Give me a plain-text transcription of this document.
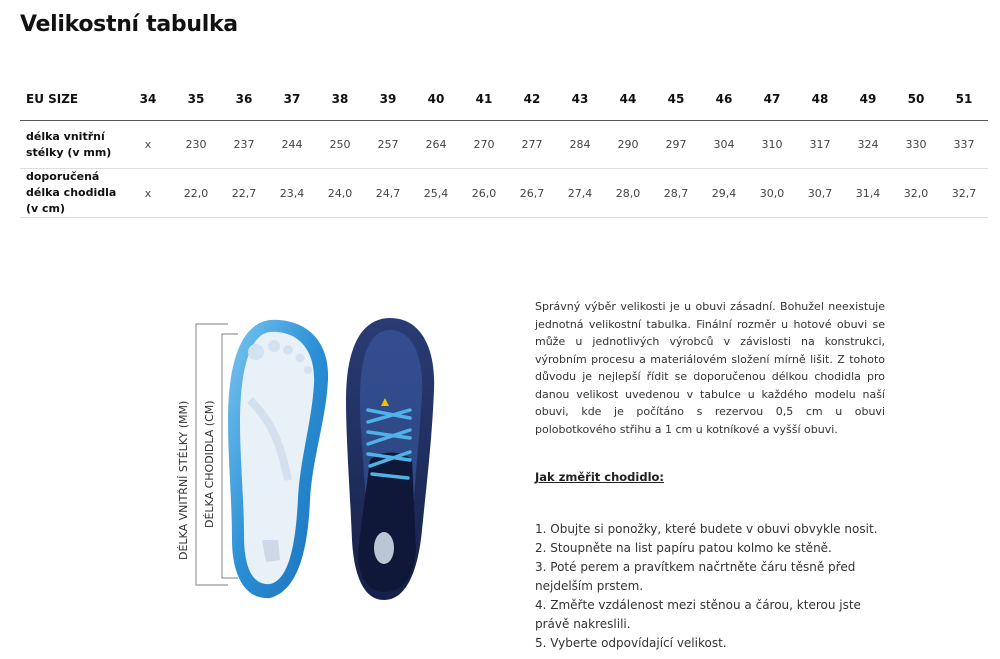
Velikostní tabulka
EU SIZE	34	35	36	37	38	39	40	41	42	43	44	45	46	47	48	49	50	51
délka vnitřní stélky (v mm)	x	230	237	244	250	257	264	270	277	284	290	297	304	310	317	324	330	337
doporučená délka chodidla (v cm)	x	22,0	22,7	23,4	24,0	24,7	25,4	26,0	26,7	27,4	28,0	28,7	29,4	30,0	30,7	31,4	32,0	32,7
DÉLKA VNITŘNÍ STÉLKY (MM) DÉLKA CHODIDLA (CM)
Správný výběr velikosti je u obuvi zásadní. Bohužel neexistuje jednotná velikostní tabulka. Finální rozměr u hotové obuvi se může u jednotlivých výrobců v závislosti na konstrukci, výrobním procesu a materiálovém složení mírně lišit. Z tohoto důvodu je nejlepší řídit se doporučenou délkou chodidla pro danou velikost uvedenou v tabulce u každého modelu naší obuvi, kde je počítáno s rezervou 0,5 cm u obuvi polobotkového střihu a 1 cm u kotníkové a vyšší obuvi.
Jak změřit chodidlo:
1. Obujte si ponožky, které budete v obuvi obvykle nosit.
2. Stoupněte na list papíru patou kolmo ke stěně.
3. Poté perem a pravítkem načrtněte čáru těsně před nejdelším prstem.
4. Změřte vzdálenost mezi stěnou a čárou, kterou jste právě nakreslili.
5. Vyberte odpovídající velikost.
